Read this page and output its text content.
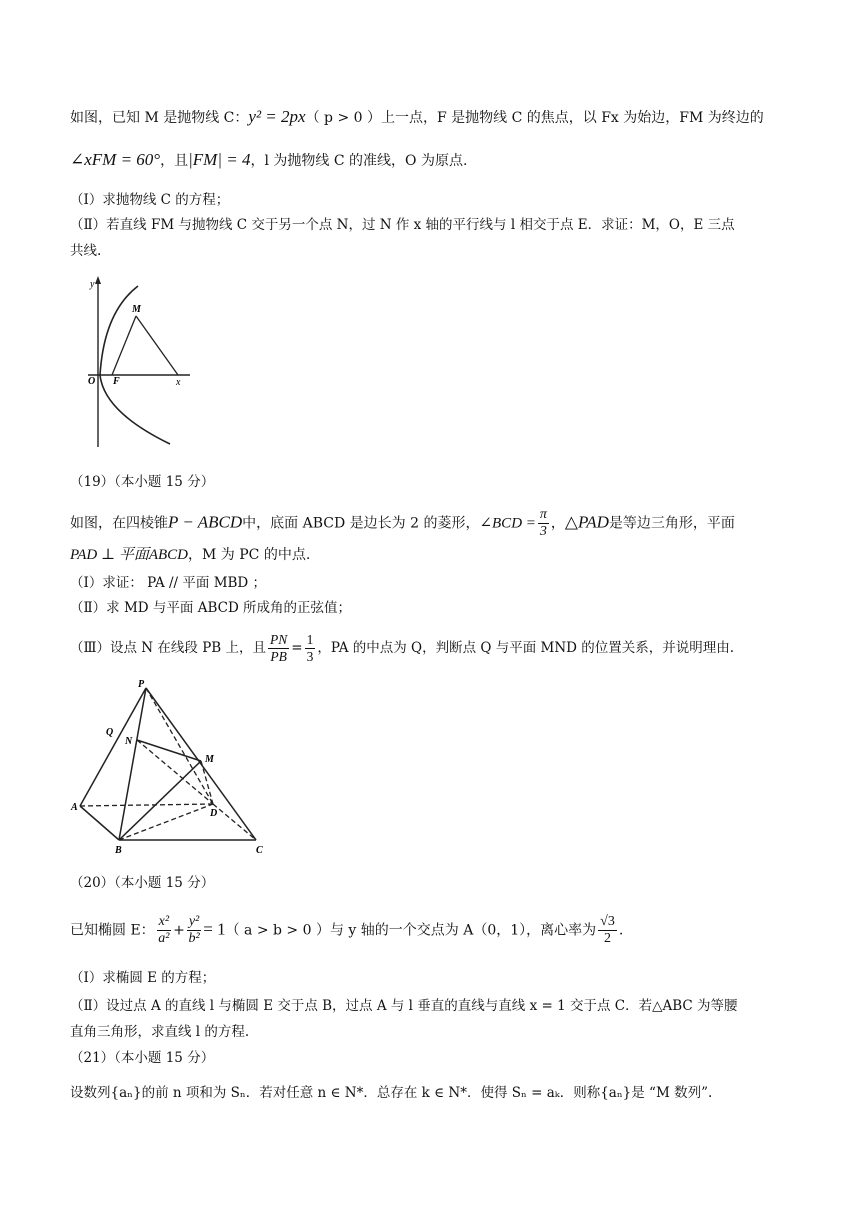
如图，已知 M 是抛物线 C：y² = 2px（ p > 0 ）上一点，F 是抛物线 C 的焦点，以 Fx 为始边，FM 为终边的
∠xFM = 60°，且|FM| = 4，l 为抛物线 C 的准线，O 为原点.
（Ⅰ）求抛物线 C 的方程；
（Ⅱ）若直线 FM 与抛物线 C 交于另一个点 N，过 N 作 x 轴的平行线与 l 相交于点 E．求证：M，O，E 三点
共线.
y
M
O F	x
（19）（本小题 15 分）
如图，在四棱锥P − ABCD中，底面 ABCD 是边长为 2 的菱形，∠BCD = $\frac{\pi}{3}$ ，△PAD是等边三角形，平面
PAD ⊥ 平面ABCD，M 为 PC 的中点.
（Ⅰ）求证： PA // 平面 MBD ；
（Ⅱ）求 MD 与平面 ABCD 所成角的正弦值；
（Ⅲ）设点 N 在线段 PB 上，且 $\frac{PN}{PB} = \frac{1}{3}$ ，PA 的中点为 Q，判断点 Q 与平面 MND 的位置关系，并说明理由.
P
Q
N
M
A
D
B	C
（20）（本小题 15 分）
已知椭圆 E： $\frac{\text{x²}}{\text{a²}} + \frac{\text{y²}}{\text{b²}} = 1$（ a > b > 0 ）与 y 轴的一个交点为 A（0，1），离心率为 $\frac{√3}{2}$ .
（Ⅰ）求椭圆 E 的方程；
（Ⅱ）设过点 A 的直线 l 与椭圆 E 交于点 B，过点 A 与 l 垂直的直线与直线 x = 1 交于点 C．若△ABC 为等腰
直角三角形，求直线 l 的方程.
（21）（本小题 15 分）
设数列{aₙ}的前 n 项和为 Sₙ．若对任意 n ∈ N*．总存在 k ∈ N*．使得 Sₙ = aₖ．则称{aₙ}是 “M 数列”.
